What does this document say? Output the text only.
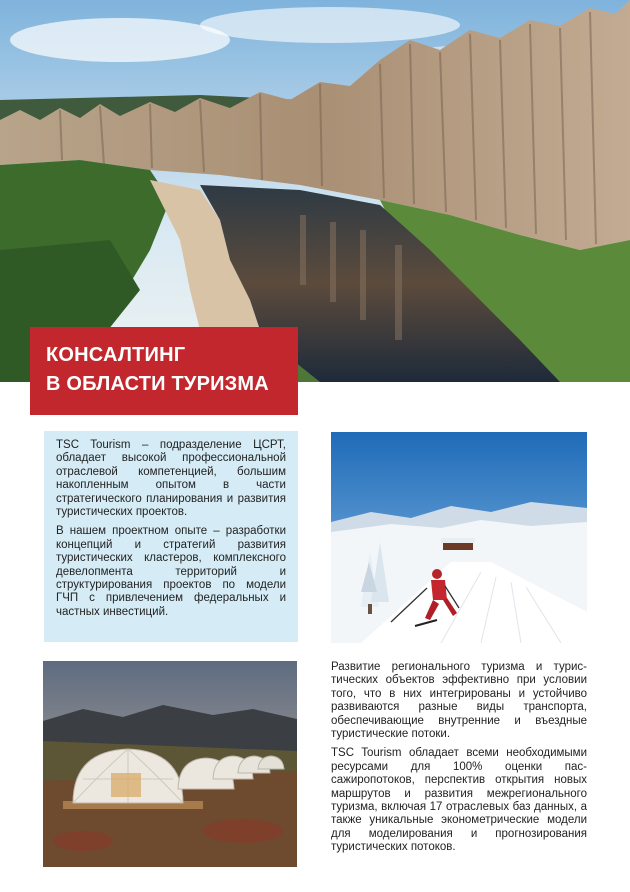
КОНСАЛТИНГ
В ОБЛАСТИ ТУРИЗМА

TSC Tourism – подразделение ЦСРТ, обладает высокой профессиональной отраслевой компетенцией, большим накопленным опытом в части стратегического планирования и развития туристических проектов.

В нашем проектном опыте – разработки концепций и стратегий развития туристических кластеров, комплексного девелопмента территорий и структурирования проектов по модели ГЧП с привлечением федеральных и частных инвестиций.

Развитие регионального туризма и туристических объектов эффективно при условии того, что в них интегрированы и устойчиво развиваются разные виды транспорта, обеспечивающие внутренние и въездные туристические потоки.

TSC Tourism обладает всеми необходимыми ресурсами для 100% оценки пассажиропотоков, перспектив открытия новых маршрутов и развития межрегионального туризма, включая 17 отраслевых баз данных, а также уникальные эконометрические модели для моделирования и прогнозирования туристических потоков.
